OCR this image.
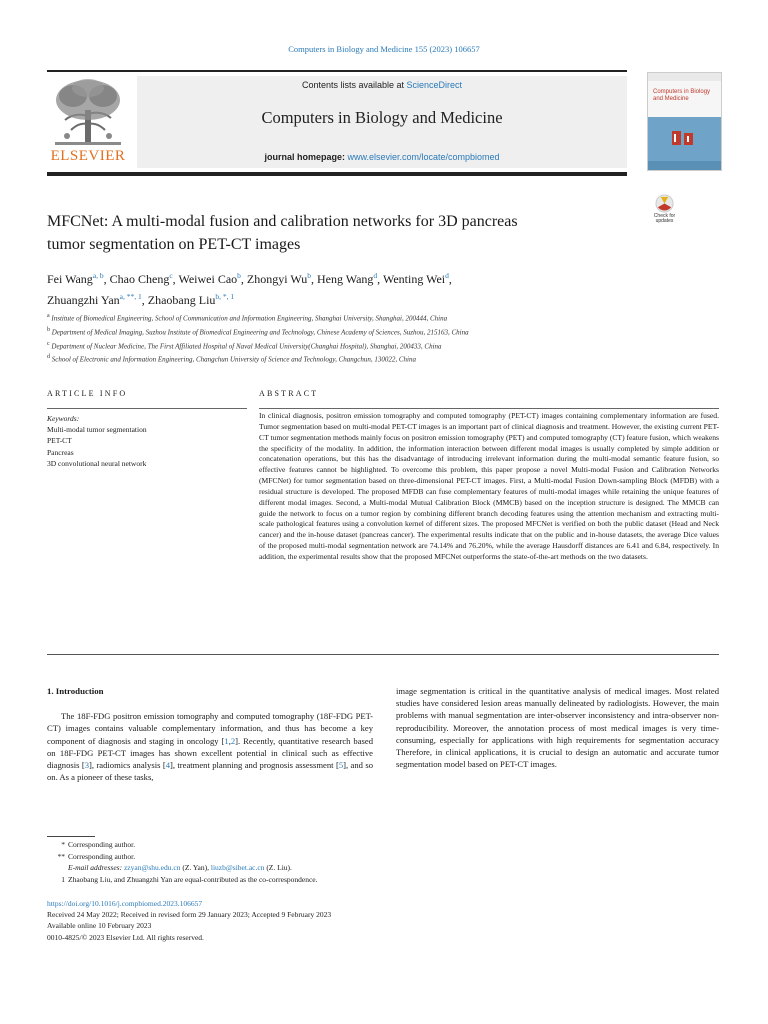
Computers in Biology and Medicine 155 (2023) 106657
ELSEVIER
Contents lists available at ScienceDirect
Computers in Biology and Medicine
journal homepage: www.elsevier.com/locate/compbiomed
Computers in Biology and Medicine
Check for
updates
MFCNet: A multi-modal fusion and calibration networks for 3D pancreas
tumor segmentation on PET-CT images
Fei Wang$^{a, b}$, Chao Cheng$^c$, Weiwei Cao$^b$, Zhongyi Wu$^b$, Heng Wang$^d$, Wenting Wei$^d$,
Zhuangzhi Yan$^{a, **, 1}$, Zhaobang Liu$^{b, *, 1}$
$^a$ Institute of Biomedical Engineering, School of Communication and Information Engineering, Shanghai University, Shanghai, 200444, China
$^b$ Department of Medical Imaging, Suzhou Institute of Biomedical Engineering and Technology, Chinese Academy of Sciences, Suzhou, 215163, China
$^c$ Department of Nuclear Medicine, The First Affiliated Hospital of Naval Medical University(Changhai Hospital), Shanghai, 200433, China
$^d$ School of Electronic and Information Engineering, Changchun University of Science and Technology, Changchun, 130022, China
ARTICLE INFO	ABSTRACT
Keywords:
Multi-modal tumor segmentation
PET-CT
Pancreas
3D convolutional neural network
In clinical diagnosis, positron emission tomography and computed tomography (PET-CT) images containing complementary information are fused. Tumor segmentation based on multi-modal PET-CT images is an important part of clinical diagnosis and treatment. However, the existing current PET-CT tumor segmentation methods mainly focus on positron emission tomography (PET) and computed tomography (CT) feature fusion, which weakens the specificity of the modality. In addition, the information interaction between different modal images is usually completed by simple addition or concatenation operations, but this has the disadvantage of introducing irrelevant information during the multi-modal semantic feature fusion, so effective features cannot be highlighted. To overcome this problem, this paper propose a novel Multi-modal Fusion and Calibration Networks (MFCNet) for tumor segmentation based on three-dimensional PET-CT images. First, a Multi-modal Fusion Down-sampling Block (MFDB) with a residual structure is developed. The proposed MFDB can fuse complementary features of multi-modal images while retaining the unique features of different modal images. Second, a Multi-modal Mutual Calibration Block (MMCB) based on the inception structure is designed. The MMCB can guide the network to focus on a tumor region by combining different branch decoding features using the attention mechanism and extracting multi-scale pathological features using a convolution kernel of different sizes. The proposed MFCNet is verified on both the public dataset (Head and Neck cancer) and the in-house dataset (pancreas cancer). The experimental results indicate that on the public and in-house datasets, the average Dice values of the proposed multi-modal segmentation network are 74.14% and 76.20%, while the average Hausdorff distances are 6.41 and 6.84, respectively. In addition, the experimental results show that the proposed MFCNet outperforms the state-of-the-art methods on the two datasets.
1. Introduction

The 18F-FDG positron emission tomography and computed tomography (18F-FDG PET-CT) images contains valuable complementary information, and thus has become a key component of diagnosis and staging in oncology [1,2]. Recently, quantitative research based on 18F-FDG PET-CT images has shown excellent potential in clinical such as effective diagnosis [3], radiomics analysis [4], treatment planning and prognosis assessment [5], and so on. As a pioneer of these tasks,

image segmentation is critical in the quantitative analysis of medical images. Most related studies have considered lesion areas manually delineated by radiologists. However, the main problems with manual segmentation are inter-observer inconsistency and intra-observer non-reproducibility. Moreover, the annotation process of most medical images is very time-consuming, especially for applications with high requirements for segmentation accuracy Therefore, in clinical applications, it is crucial to design an automatic and accurate tumor segmentation model based on PET-CT images.

* Corresponding author.
** Corresponding author.
E-mail addresses: zzyan@shu.edu.cn (Z. Yan), liuzb@sibet.ac.cn (Z. Liu).
1 Zhaobang Liu, and Zhuangzhi Yan are equal-contributed as the co-correspondence.
https://doi.org/10.1016/j.compbiomed.2023.106657
Received 24 May 2022; Received in revised form 29 January 2023; Accepted 9 February 2023
Available online 10 February 2023
0010-4825/© 2023 Elsevier Ltd. All rights reserved.
